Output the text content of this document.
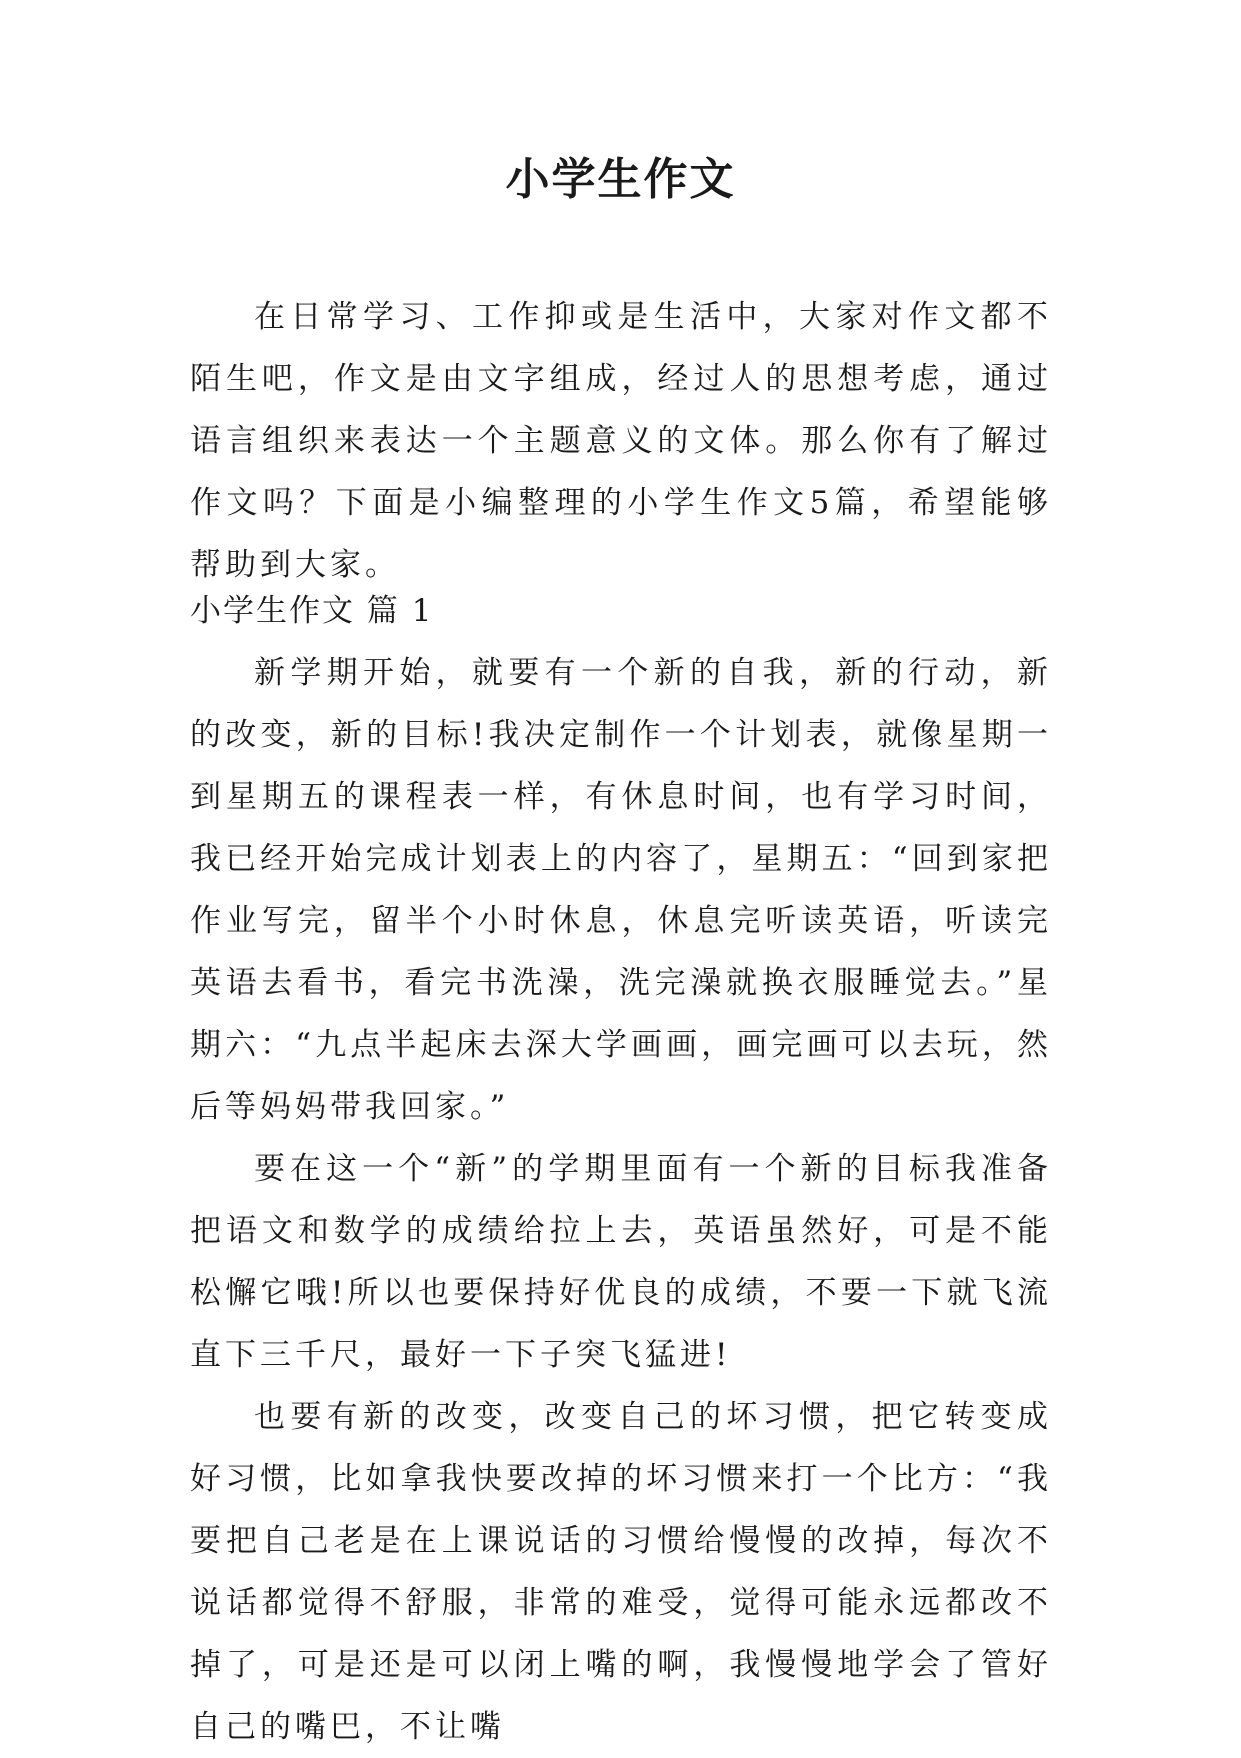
小学生作文

在日常学习、工作抑或是生活中，大家对作文都不陌生吧，作文是由文字组成，经过人的思想考虑，通过语言组织来表达一个主题意义的文体。那么你有了解过作文吗？下面是小编整理的小学生作文5篇，希望能够帮助到大家。

小学生作文 篇 1

新学期开始，就要有一个新的自我，新的行动，新的改变，新的目标!我决定制作一个计划表，就像星期一到星期五的课程表一样，有休息时间，也有学习时间，我已经开始完成计划表上的内容了，星期五：“回到家把作业写完，留半个小时休息，休息完听读英语，听读完英语去看书，看完书洗澡，洗完澡就换衣服睡觉去。”星期六：“九点半起床去深大学画画，画完画可以去玩，然后等妈妈带我回家。”

要在这一个“新”的学期里面有一个新的目标我准备把语文和数学的成绩给拉上去，英语虽然好，可是不能松懈它哦!所以也要保持好优良的成绩，不要一下就飞流直下三千尺，最好一下子突飞猛进!

也要有新的改变，改变自己的坏习惯，把它转变成好习惯，比如拿我快要改掉的坏习惯来打一个比方：“我要把自己老是在上课说话的习惯给慢慢的改掉，每次不说话都觉得不舒服，非常的难受，觉得可能永远都改不掉了，可是还是可以闭上嘴的啊，我慢慢地学会了管好自己的嘴巴，不让嘴
